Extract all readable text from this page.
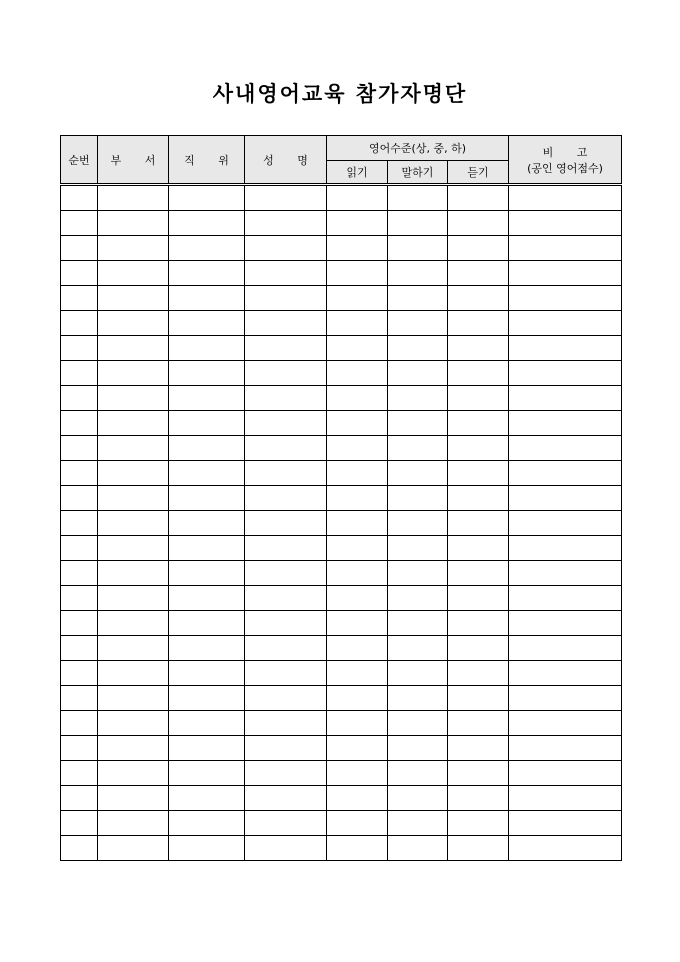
사내영어교육 참가자명단
순번	부 서	직 위	성 명	영어수준(상, 중, 하)			비 고
(공인 영어점수)

				읽기	말하기	듣기	
